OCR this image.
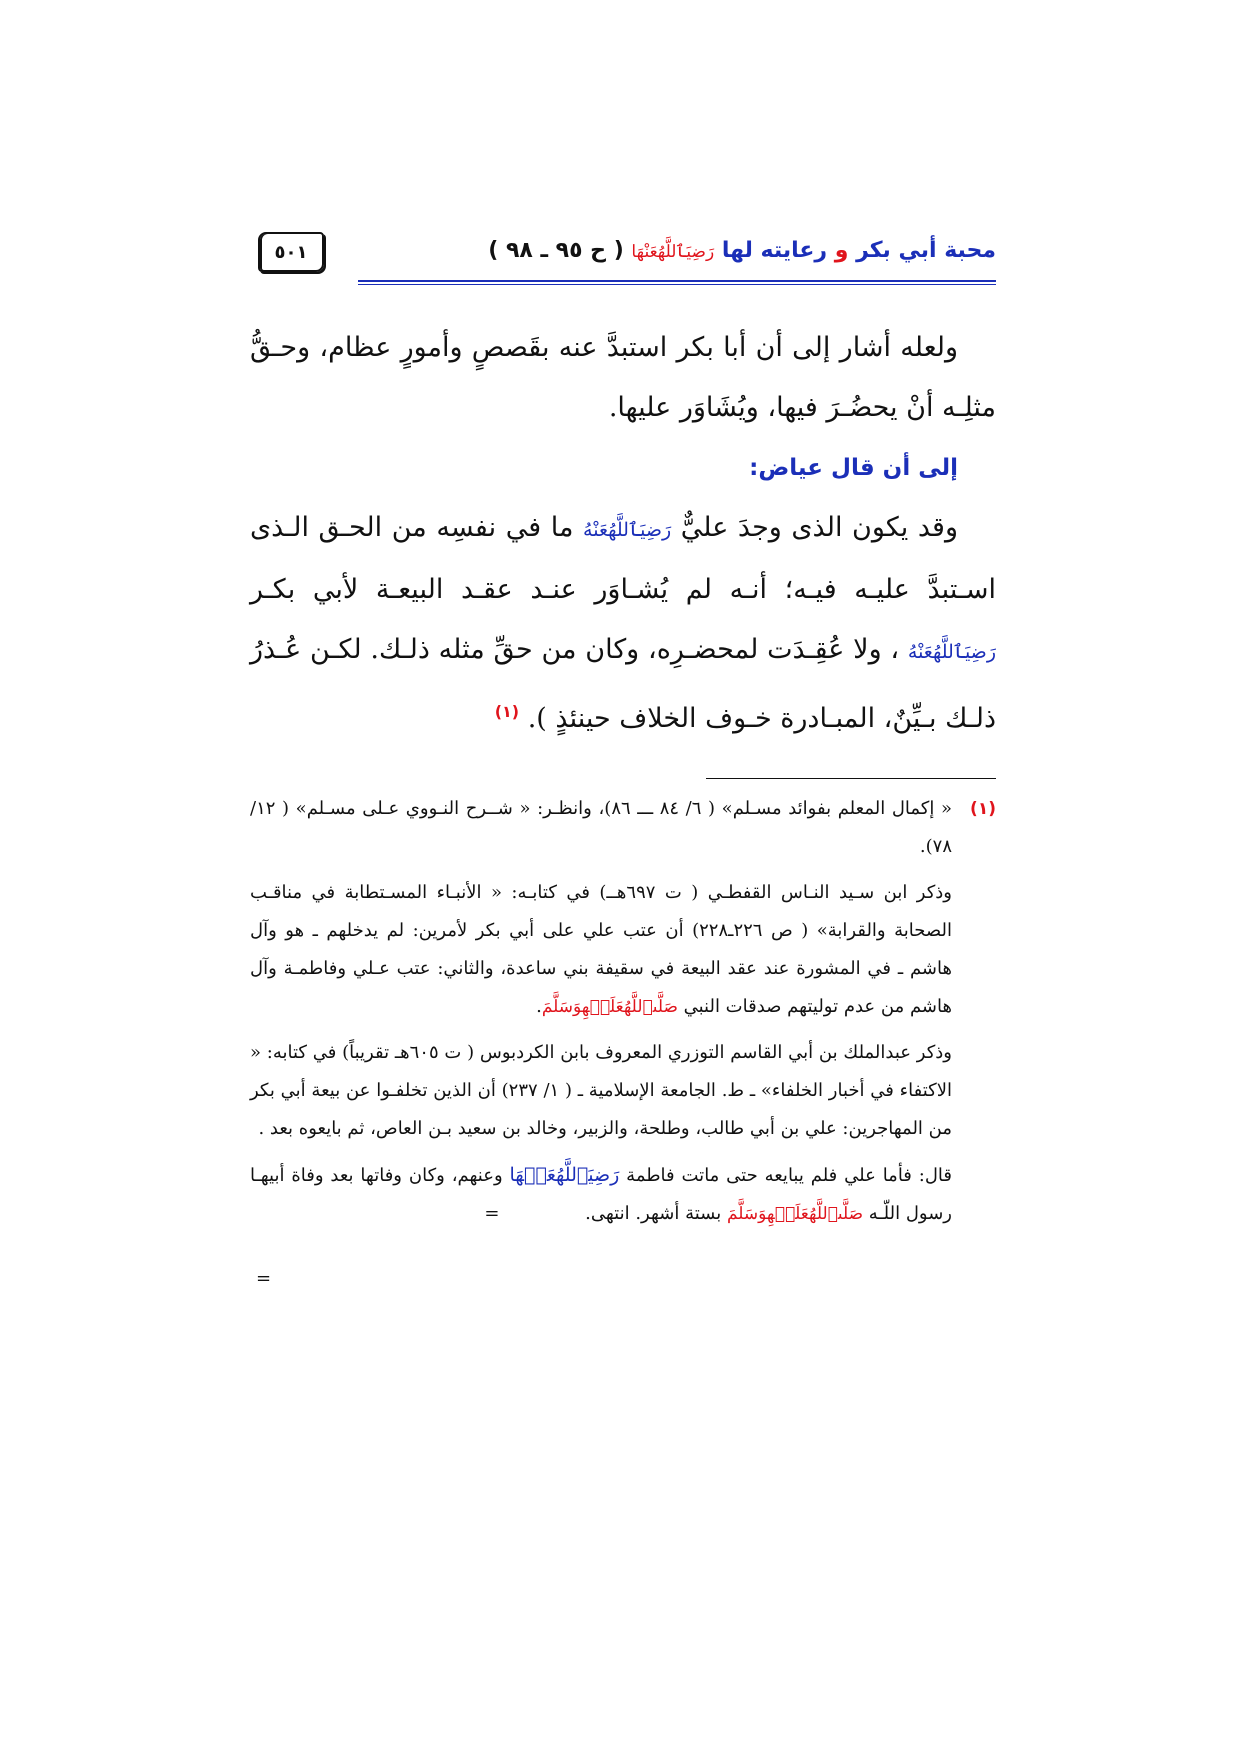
محبة أبي بكر و رعايته لها رَضِيَٱللَّهُعَنْهَا ( ح ٩٥ ـ ٩٨ )
٥٠١

ولعله أشار إلى أن أبا بكر استبدَّ عنه بقَصصٍ وأمورٍ عظام، وحـقُّ مثلِـه أنْ يحضُـرَ فيها، ويُشَاوَر عليها.

إلى أن قال عياض:

وقد يكون الذى وجدَ عليٌّ رَضِيَٱللَّهُعَنْهُ ما في نفسِه من الحـق الـذى اسـتبدَّ عليـه فيـه؛ أنـه لم يُشـاوَر عنـد عقـد البيعـة لأبي بكـر رَضِيَٱللَّهُعَنْهُ ، ولا عُقِـدَت لمحضـرِه، وكان من حقِّ مثله ذلـك. لكـن عُـذرُ ذلـك بـيِّنٌ، المبـادرة خـوف الخلاف حينئذٍ ). $^{(١)}$

(١)
« إكمال المعلم بفوائد مسـلم» ( ٦/ ٨٤ ـــ ٨٦)، وانظـر: « شــرح النـووي عـلى مسـلم» ( ١٢/ ٧٨).
وذكر ابن سـيد النـاس القفطـي ( ت ٦٩٧هــ) في كتابـه: « الأنبـاء المسـتطابة في مناقـب الصحابة والقرابة» ( ص ٢٢٦ـ٢٢٨) أن عتب علي على أبي بكر لأمرين: لم يدخلهم ـ هو وآل هاشم ـ في المشورة عند عقد البيعة في سقيفة بني ساعدة، والثاني: عتب عـلي وفاطمـة وآل هاشم من عدم توليتهم صدقات النبي صَلَّىٱللَّهُعَلَيۡهِوَسَلَّمَ.
وذكر عبدالملك بن أبي القاسم التوزري المعروف بابن الكردبوس ( ت ٦٠٥هـ تقريباً) في كتابه: « الاكتفاء في أخبار الخلفاء» ـ ط. الجامعة الإسلامية ـ ( ١/ ٢٣٧) أن الذين تخلفـوا عن بيعة أبي بكر من المهاجرين: علي بن أبي طالب، وطلحة، والزبير، وخالد بن سعيد بـن العاص، ثم بايعوه بعد .
قال: فأما علي فلم يبايعه حتى ماتت فاطمة رَضِيَٱللَّهُعَنۡهَا وعنهم، وكان وفاتها بعد وفاة أبيهـا رسول اللّـه صَلَّىٱللَّهُعَلَيۡهِوَسَلَّمَ بستة أشهر. انتهى. =
=
